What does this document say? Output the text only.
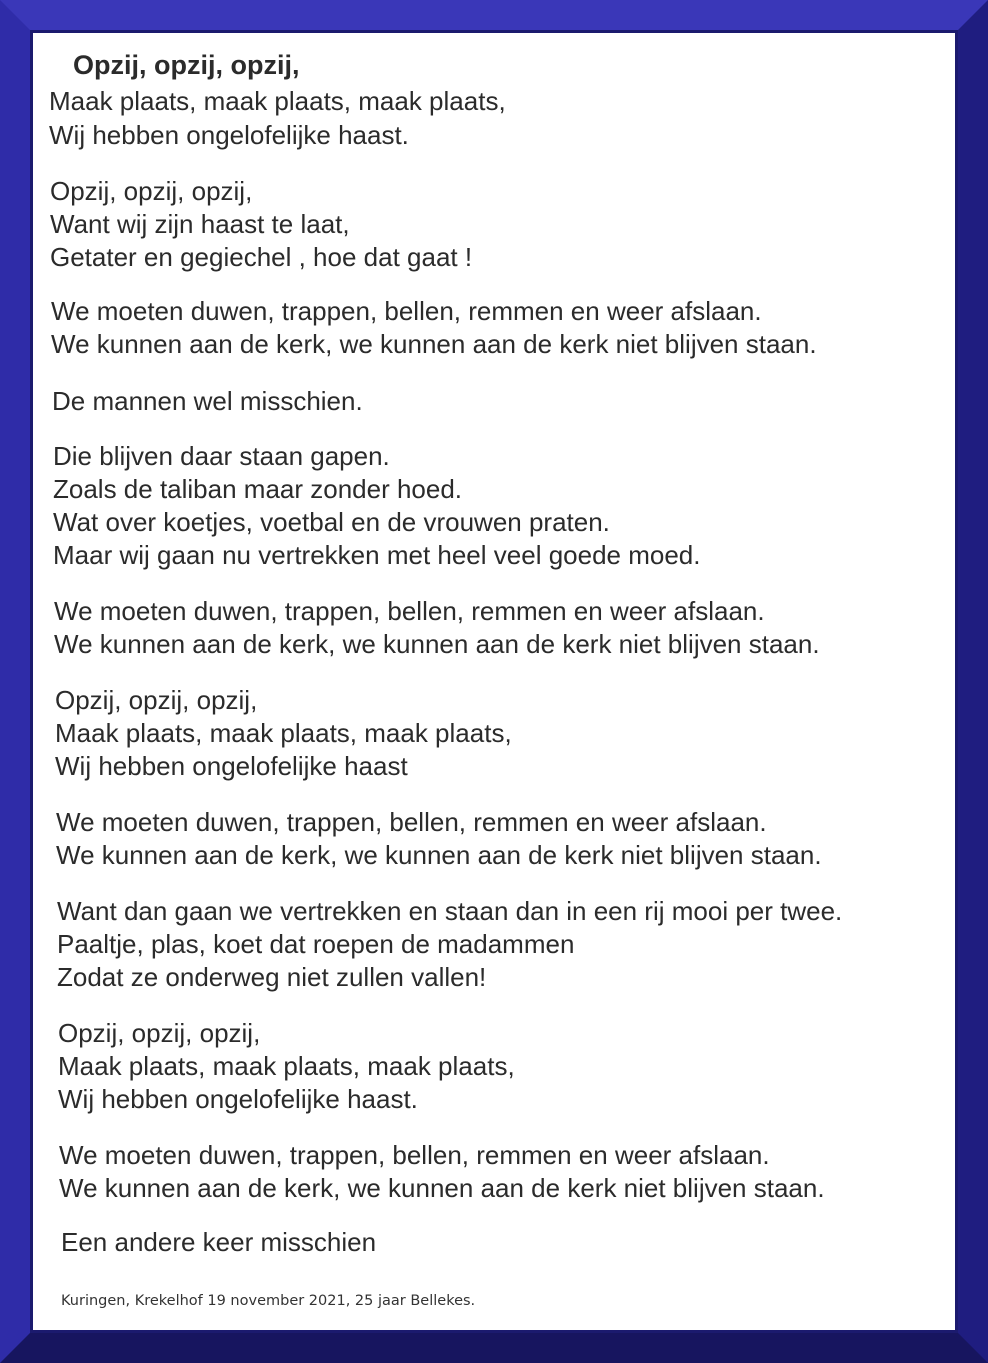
Opzij, opzij, opzij,
Maak plaats, maak plaats, maak plaats,
Wij hebben ongelofelijke haast.
Opzij, opzij, opzij,
Want wij zijn haast te laat,
Getater en gegiechel , hoe dat gaat !
We moeten duwen, trappen, bellen, remmen en weer afslaan.
We kunnen aan de kerk, we kunnen aan de kerk niet blijven staan.
De mannen wel misschien.
Die blijven daar staan gapen.
Zoals de taliban maar zonder hoed.
Wat over koetjes, voetbal en de vrouwen praten.
Maar wij gaan nu vertrekken met heel veel goede moed.
We moeten duwen, trappen, bellen, remmen en weer afslaan.
We kunnen aan de kerk, we kunnen aan de kerk niet blijven staan.
Opzij, opzij, opzij,
Maak plaats, maak plaats, maak plaats,
Wij hebben ongelofelijke haast
We moeten duwen, trappen, bellen, remmen en weer afslaan.
We kunnen aan de kerk, we kunnen aan de kerk niet blijven staan.
Want dan gaan we vertrekken en staan dan in een rij mooi per twee.
Paaltje, plas, koet dat roepen de madammen
Zodat ze onderweg niet zullen vallen!
Opzij, opzij, opzij,
Maak plaats, maak plaats, maak plaats,
Wij hebben ongelofelijke haast.
We moeten duwen, trappen, bellen, remmen en weer afslaan.
We kunnen aan de kerk, we kunnen aan de kerk niet blijven staan.
Een andere keer misschien
Kuringen, Krekelhof 19 november 2021, 25 jaar Bellekes.
